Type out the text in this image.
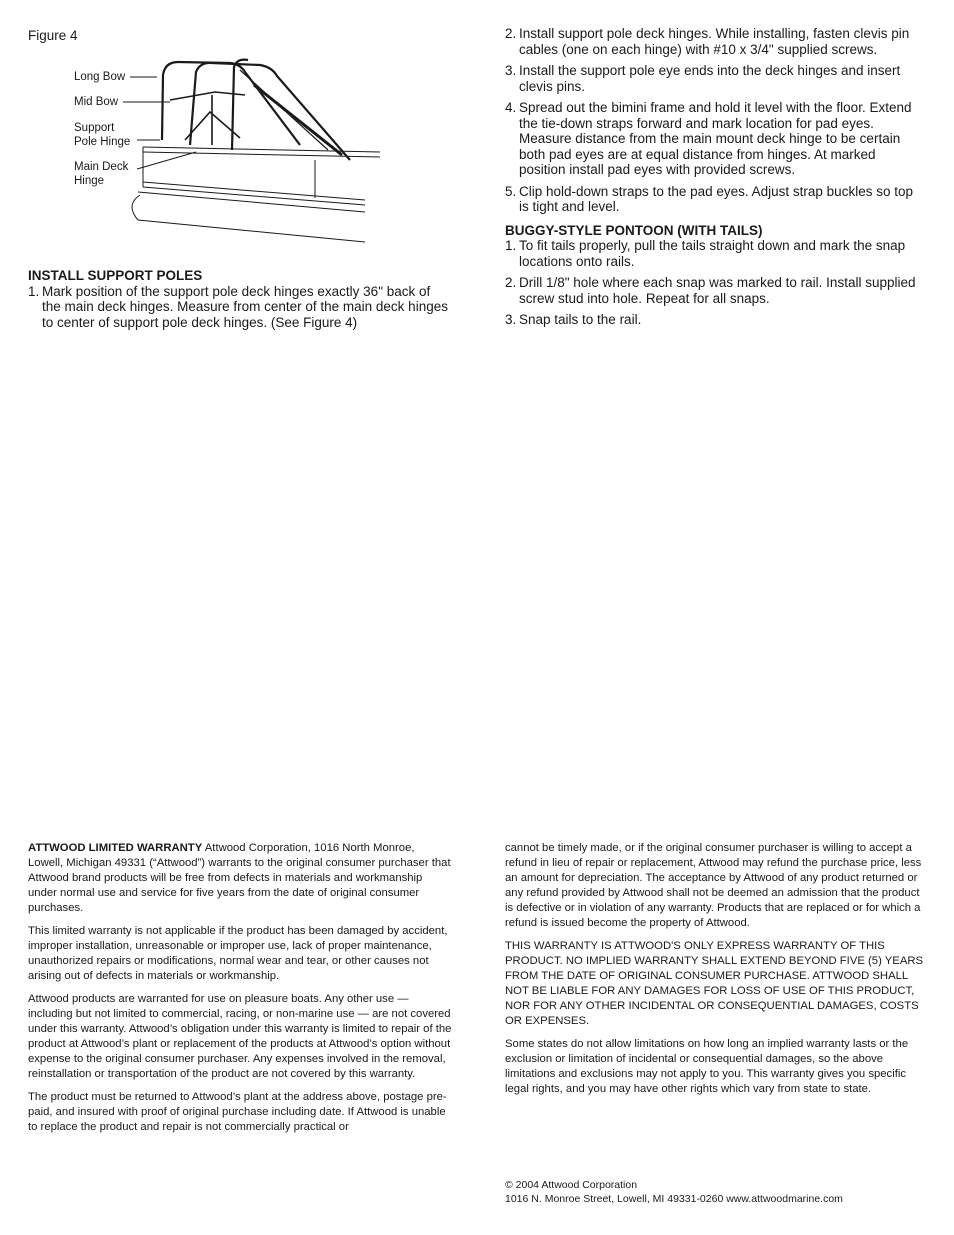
Figure 4
Long Bow
Mid Bow
Support
Pole Hinge
Main Deck
Hinge
INSTALL SUPPORT POLES
1. Mark position of the support pole deck hinges exactly 36" back of the main deck hinges. Measure from center of the main deck hinges to center of support pole deck hinges. (See Figure 4)
2. Install support pole deck hinges. While installing, fasten clevis pin cables (one on each hinge) with #10 x 3/4" supplied screws.
3. Install the support pole eye ends into the deck hinges and insert clevis pins.
4. Spread out the bimini frame and hold it level with the floor. Extend the tie-down straps forward and mark location for pad eyes. Measure distance from the main mount deck hinge to be certain both pad eyes are at equal distance from hinges. At marked position install pad eyes with provided screws.
5. Clip hold-down straps to the pad eyes. Adjust strap buckles so top is tight and level.
BUGGY-STYLE PONTOON (WITH TAILS)
1. To fit tails properly, pull the tails straight down and mark the snap locations onto rails.
2. Drill 1/8" hole where each snap was marked to rail. Install supplied screw stud into hole. Repeat for all snaps.
3. Snap tails to the rail.

ATTWOOD LIMITED WARRANTY Attwood Corporation, 1016 North Monroe, Lowell, Michigan 49331 (“Attwood”) warrants to the original consumer purchaser that Attwood brand products will be free from defects in materials and workmanship under normal use and service for five years from the date of original consumer purchases.

This limited warranty is not applicable if the product has been damaged by accident, improper installation, unreasonable or improper use, lack of proper maintenance, unauthorized repairs or modifications, normal wear and tear, or other causes not arising out of defects in materials or workmanship.

Attwood products are warranted for use on pleasure boats. Any other use — including but not limited to commercial, racing, or non-marine use — are not covered under this warranty. Attwood’s obligation under this warranty is limited to repair of the product at Attwood’s plant or replacement of the products at Attwood’s option without expense to the original consumer purchaser. Any expenses involved in the removal, reinstallation or transportation of the product are not covered by this warranty.

The product must be returned to Attwood’s plant at the address above, postage pre-paid, and insured with proof of original purchase including date. If Attwood is unable to replace the product and repair is not commercially practical or

cannot be timely made, or if the original consumer purchaser is willing to accept a refund in lieu of repair or replacement, Attwood may refund the purchase price, less an amount for depreciation. The acceptance by Attwood of any product returned or any refund provided by Attwood shall not be deemed an admission that the product is defective or in violation of any warranty. Products that are replaced or for which a refund is issued become the property of Attwood.

THIS WARRANTY IS ATTWOOD'S ONLY EXPRESS WARRANTY OF THIS PRODUCT. NO IMPLIED WARRANTY SHALL EXTEND BEYOND FIVE (5) YEARS FROM THE DATE OF ORIGINAL CONSUMER PURCHASE. ATTWOOD SHALL NOT BE LIABLE FOR ANY DAMAGES FOR LOSS OF USE OF THIS PRODUCT, NOR FOR ANY OTHER INCIDENTAL OR CONSEQUENTIAL DAMAGES, COSTS OR EXPENSES.

Some states do not allow limitations on how long an implied warranty lasts or the exclusion or limitation of incidental or consequential damages, so the above limitations and exclusions may not apply to you. This warranty gives you specific legal rights, and you may have other rights which vary from state to state.

© 2004 Attwood Corporation
1016 N. Monroe Street, Lowell, MI 49331-0260 www.attwoodmarine.com
